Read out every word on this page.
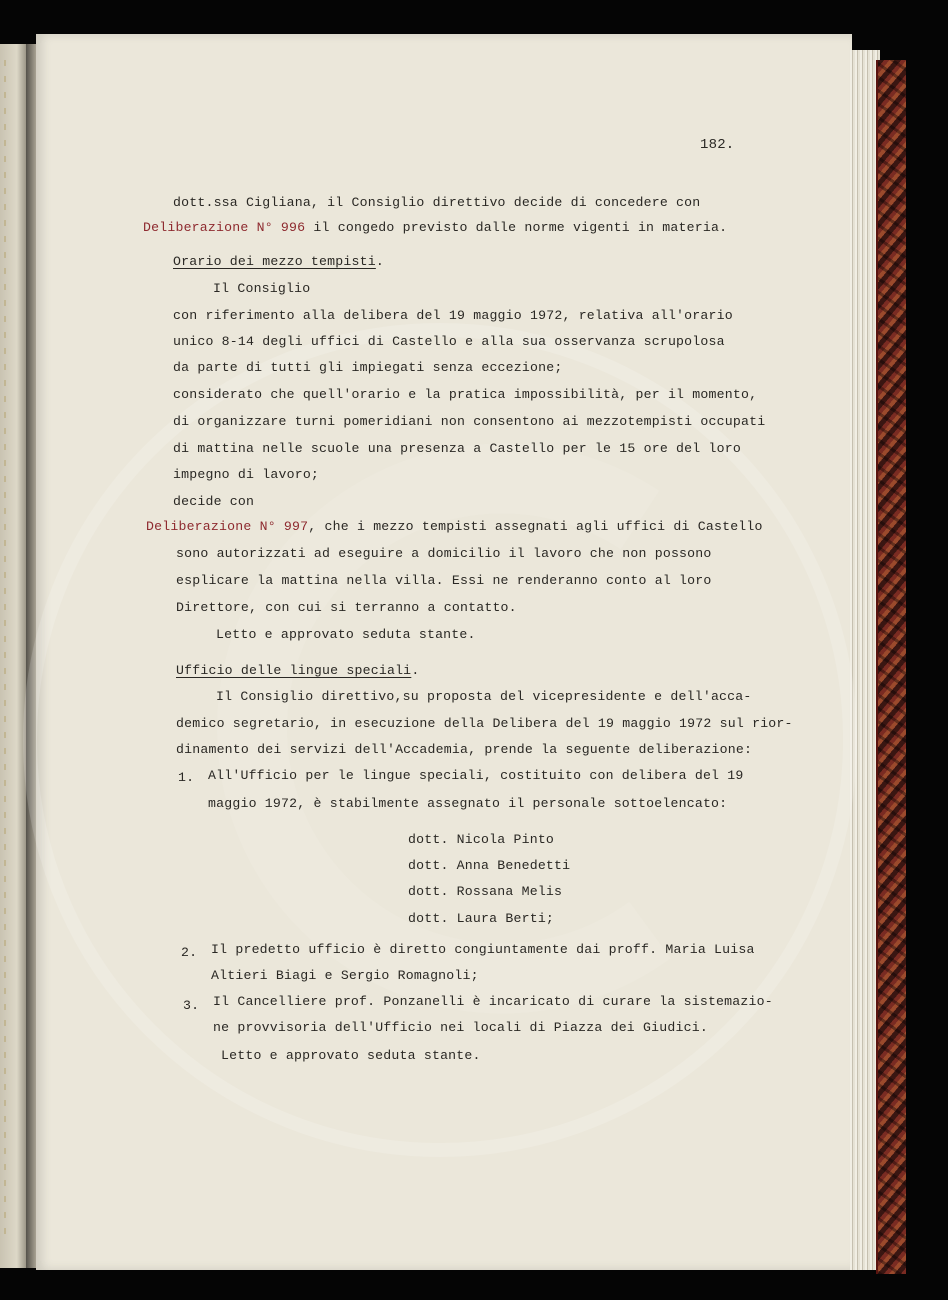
182.
dott.ssa Cigliana, il Consiglio direttivo decide di concedere con
Deliberazione N° 996 il congedo previsto dalle norme vigenti in materia.
Orario dei mezzo tempisti.
Il Consiglio
con riferimento alla delibera del 19 maggio 1972, relativa all'orario
unico 8-14 degli uffici di Castello e alla sua osservanza scrupolosa
da parte di tutti gli impiegati senza eccezione;
considerato che quell'orario e la pratica impossibilità, per il momento,
di organizzare turni pomeridiani non consentono ai mezzotempisti occupati
di mattina nelle scuole una presenza a Castello per le 15 ore del loro
impegno di lavoro;
decide con
Deliberazione N° 997, che i mezzo tempisti assegnati agli uffici di Castello
sono autorizzati ad eseguire a domicilio il lavoro che non possono
esplicare la mattina nella villa. Essi ne renderanno conto al loro
Direttore, con cui si terranno a contatto.
Letto e approvato seduta stante.
Ufficio delle lingue speciali.
Il Consiglio direttivo,su proposta del vicepresidente e dell'acca-
demico segretario, in esecuzione della Delibera del 19 maggio 1972 sul rior-
dinamento dei servizi dell'Accademia, prende la seguente deliberazione:
1. All'Ufficio per le lingue speciali, costituito con delibera del 19
maggio 1972, è stabilmente assegnato il personale sottoelencato:
dott. Nicola Pinto
dott. Anna Benedetti
dott. Rossana Melis
dott. Laura Berti;
2. Il predetto ufficio è diretto congiuntamente dai proff. Maria Luisa
Altieri Biagi e Sergio Romagnoli;
3. Il Cancelliere prof. Ponzanelli è incaricato di curare la sistemazio-
ne provvisoria dell'Ufficio nei locali di Piazza dei Giudici.
Letto e approvato seduta stante.
